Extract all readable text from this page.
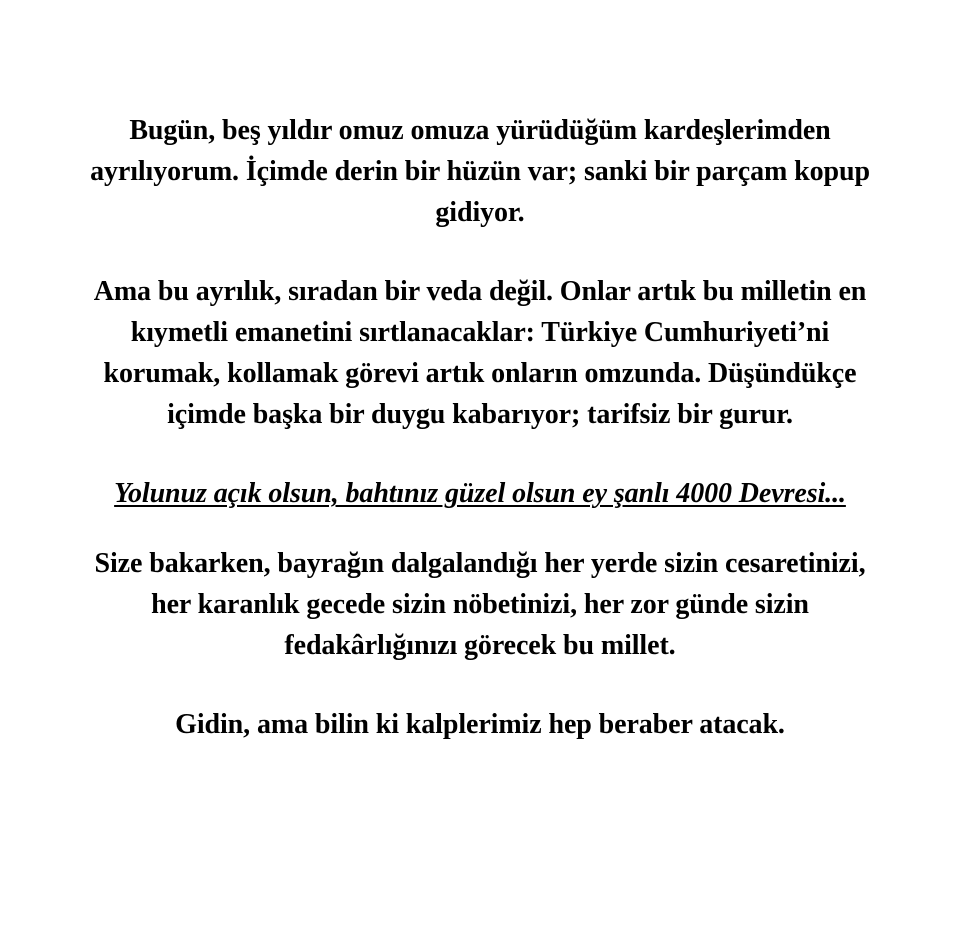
Bugün, beş yıldır omuz omuza yürüdüğüm kardeşlerimden
ayrılıyorum. İçimde derin bir hüzün var; sanki bir parçam kopup
gidiyor.
Ama bu ayrılık, sıradan bir veda değil. Onlar artık bu milletin en
kıymetli emanetini sırtlanacaklar: Türkiye Cumhuriyeti’ni
korumak, kollamak görevi artık onların omzunda. Düşündükçe
içimde başka bir duygu kabarıyor; tarifsiz bir gurur.
Yolunuz açık olsun, bahtınız güzel olsun ey şanlı 4000 Devresi...
Size bakarken, bayrağın dalgalandığı her yerde sizin cesaretinizi,
her karanlık gecede sizin nöbetinizi, her zor günde sizin
fedakârlığınızı görecek bu millet.
Gidin, ama bilin ki kalplerimiz hep beraber atacak.
